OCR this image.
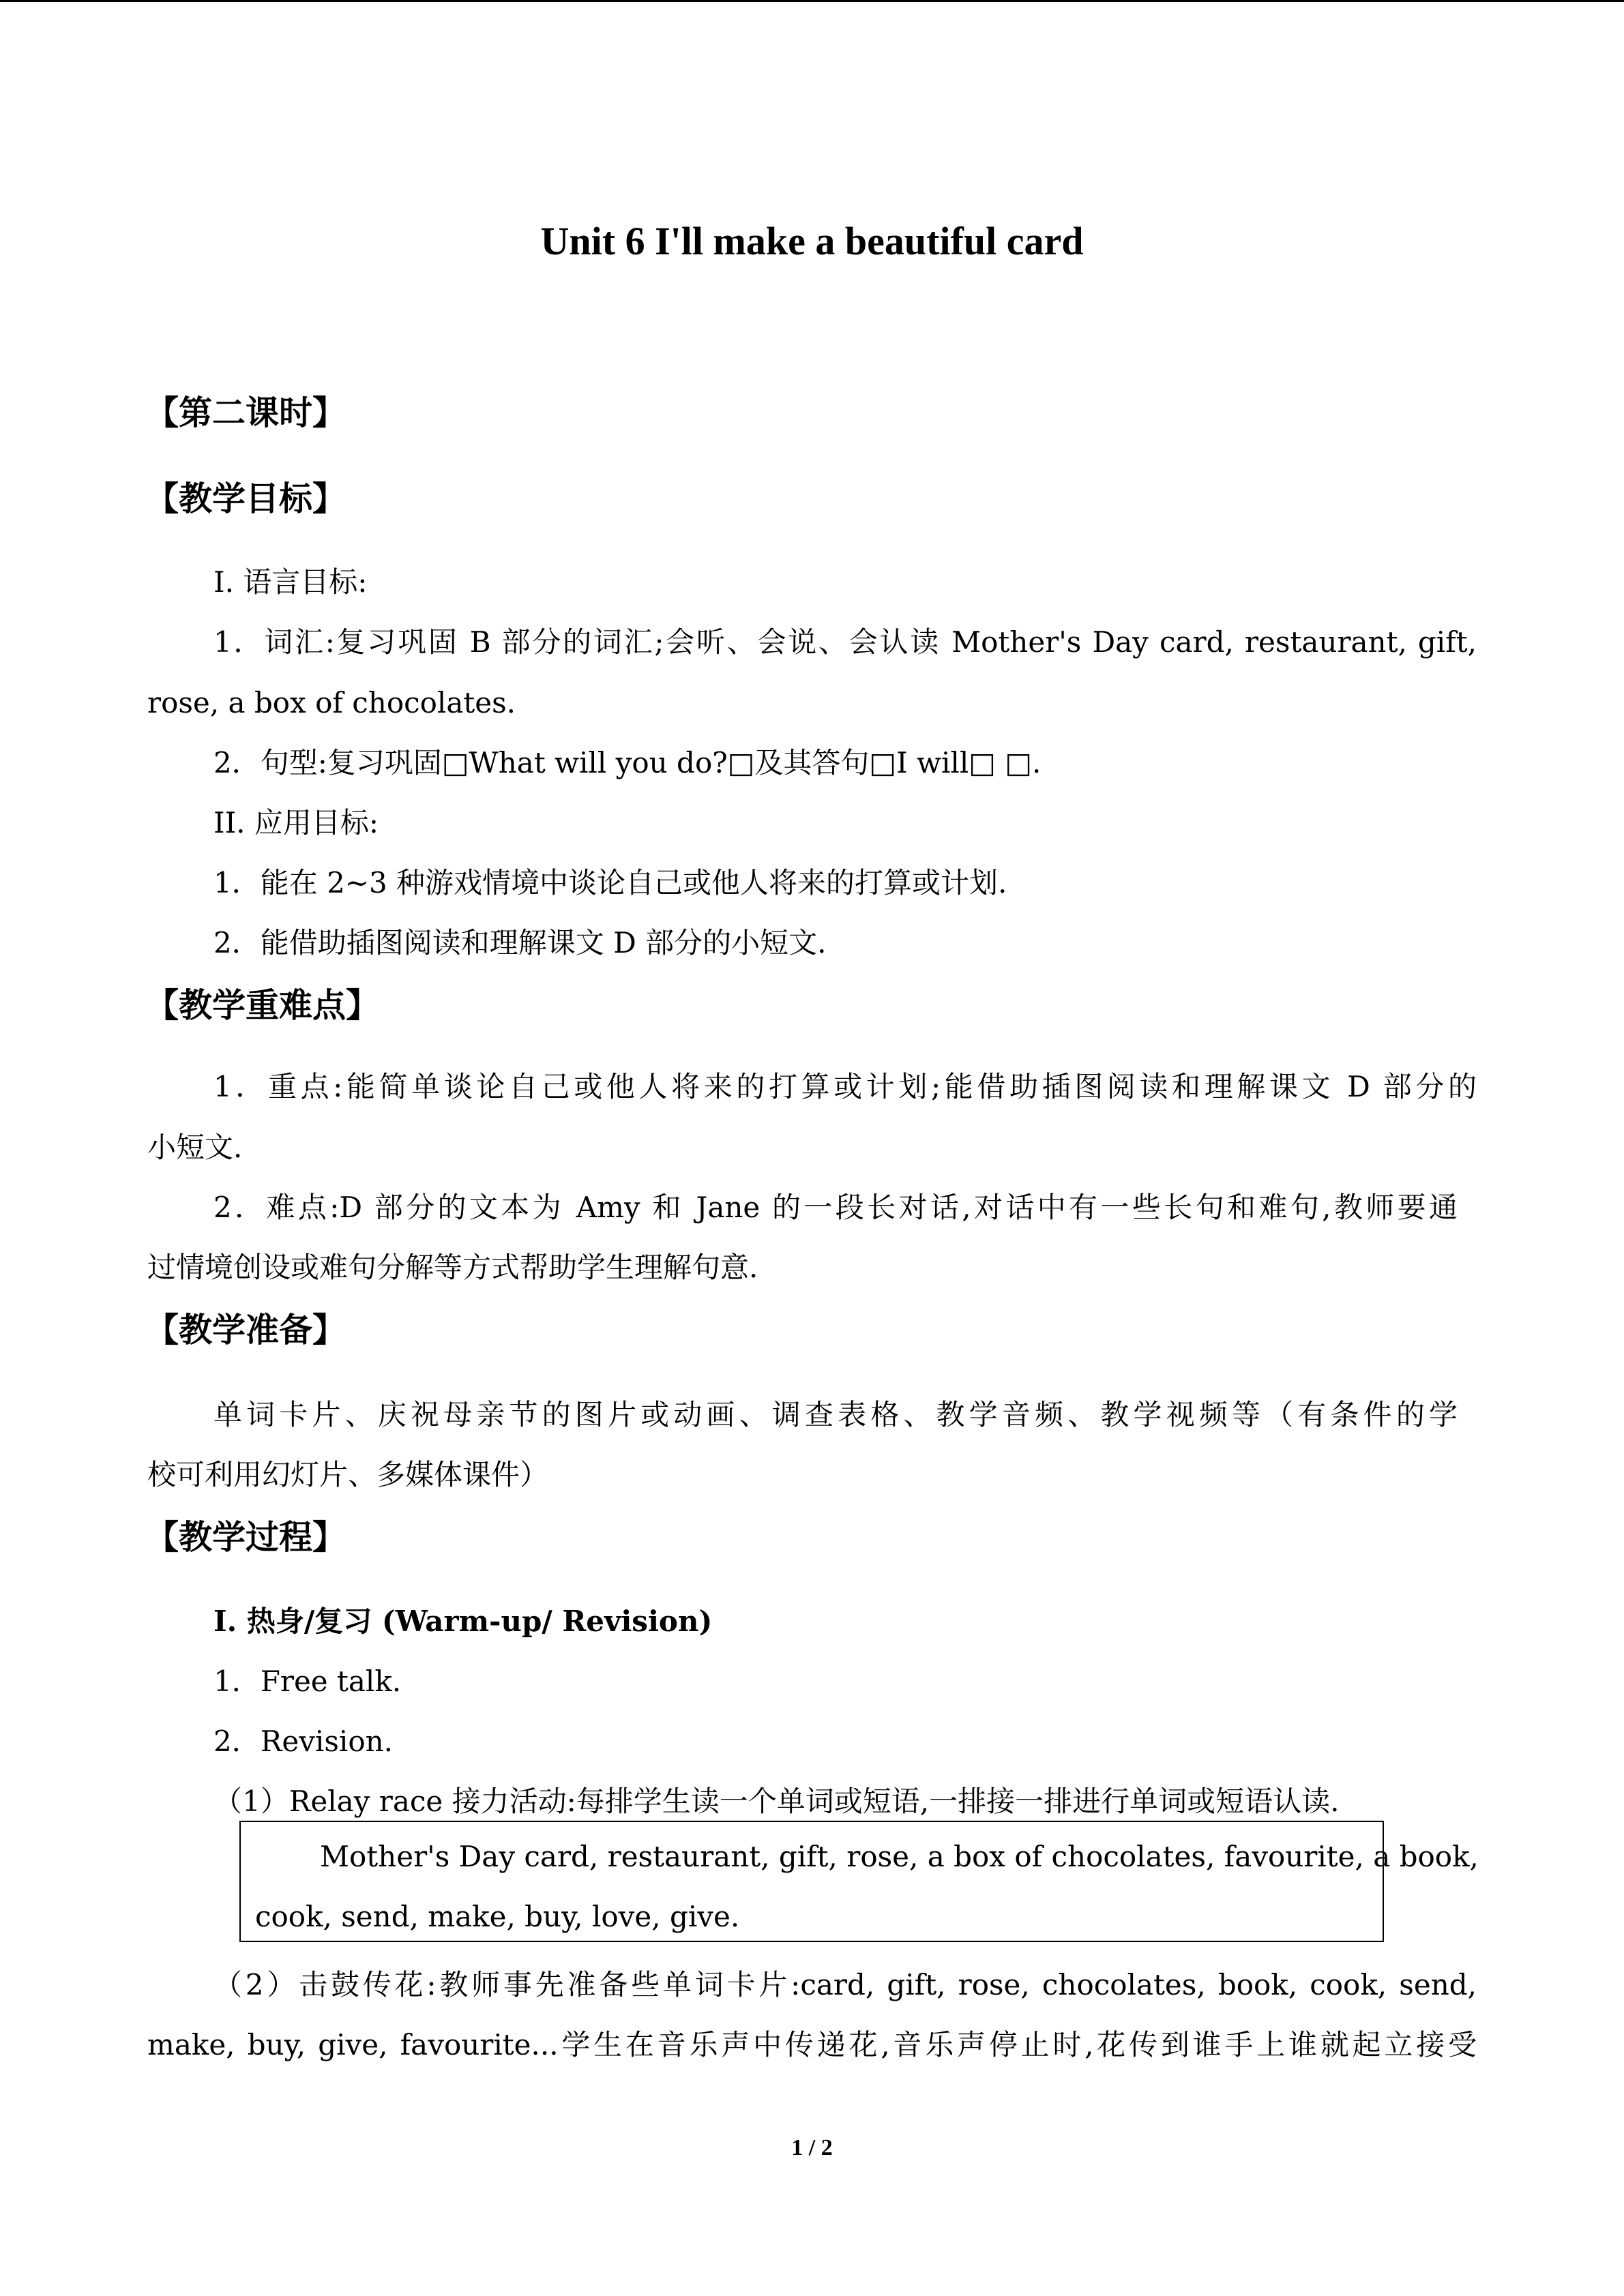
Unit 6 I'll make a beautiful card
【第二课时】
【教学目标】
I. 语言目标:
1．词汇:复习巩固 B 部分的词汇;会听、会说、会认读 Mother's Day card, restaurant, gift,
rose, a box of chocolates.
2．句型:复习巩固□What will you do?□及其答句□I will□ □.
II. 应用目标:
1．能在 2~3 种游戏情境中谈论自己或他人将来的打算或计划.
2．能借助插图阅读和理解课文 D 部分的小短文.
【教学重难点】
1．重点:能简单谈论自己或他人将来的打算或计划;能借助插图阅读和理解课文 D 部分的
小短文.
2．难点:D 部分的文本为 Amy 和 Jane 的一段长对话,对话中有一些长句和难句,教师要通
过情境创设或难句分解等方式帮助学生理解句意.
【教学准备】
单词卡片、庆祝母亲节的图片或动画、调查表格、教学音频、教学视频等（有条件的学
校可利用幻灯片、多媒体课件）
【教学过程】
I. 热身/复习 (Warm-up/ Revision)
1．Free talk.
2．Revision.
（1）Relay race 接力活动:每排学生读一个单词或短语,一排接一排进行单词或短语认读.
Mother's Day card, restaurant, gift, rose, a box of chocolates, favourite, a book,
cook, send, make, buy, love, give.
（2）击鼓传花:教师事先准备些单词卡片:card, gift, rose, chocolates, book, cook, send,
make, buy, give, favourite...学生在音乐声中传递花,音乐声停止时,花传到谁手上谁就起立接受
1 / 2
